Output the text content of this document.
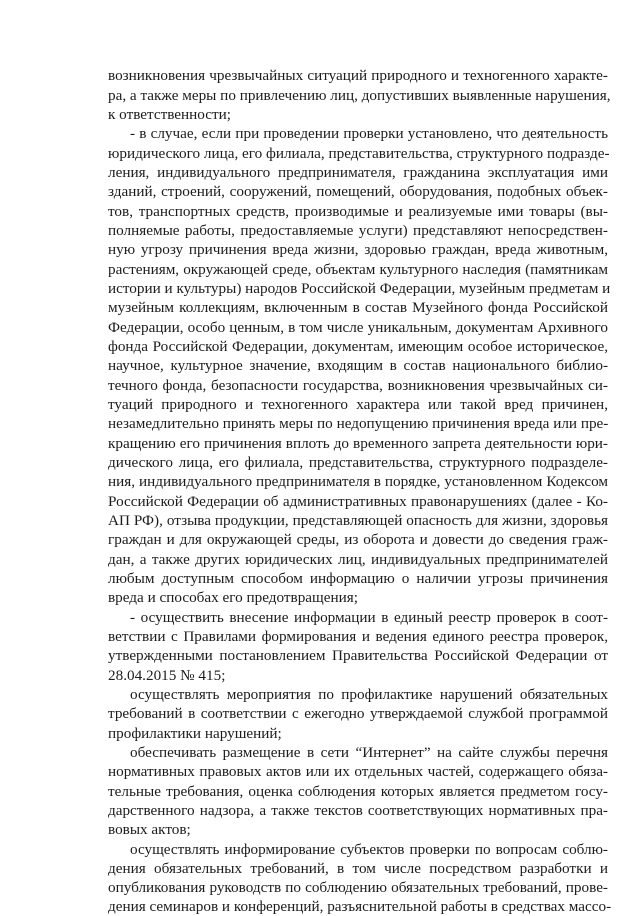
возникновения чрезвычайных ситуаций природного и техногенного характе-

ра, а также меры по привлечению лиц, допустивших выявленные нарушения,

к ответственности;

- в случае, если при проведении проверки установлено, что деятельность

юридического лица, его филиала, представительства, структурного подразде-

ления, индивидуального предпринимателя, гражданина эксплуатация ими

зданий, строений, сооружений, помещений, оборудования, подобных объек-

тов, транспортных средств, производимые и реализуемые ими товары (вы-

полняемые работы, предоставляемые услуги) представляют непосредствен-

ную угрозу причинения вреда жизни, здоровью граждан, вреда животным,

растениям, окружающей среде, объектам культурного наследия (памятникам

истории и культуры) народов Российской Федерации, музейным предметам и

музейным коллекциям, включенным в состав Музейного фонда Российской

Федерации, особо ценным, в том числе уникальным, документам Архивного

фонда Российской Федерации, документам, имеющим особое историческое,

научное, культурное значение, входящим в состав национального библио-

течного фонда, безопасности государства, возникновения чрезвычайных си-

туаций природного и техногенного характера или такой вред причинен,

незамедлительно принять меры по недопущению причинения вреда или пре-

кращению его причинения вплоть до временного запрета деятельности юри-

дического лица, его филиала, представительства, структурного подразделе-

ния, индивидуального предпринимателя в порядке, установленном Кодексом

Российской Федерации об административных правонарушениях (далее - Ко-

АП РФ), отзыва продукции, представляющей опасность для жизни, здоровья

граждан и для окружающей среды, из оборота и довести до сведения граж-

дан, а также других юридических лиц, индивидуальных предпринимателей

любым доступным способом информацию о наличии угрозы причинения

вреда и способах его предотвращения;

- осуществить внесение информации в единый реестр проверок в соот-

ветствии с Правилами формирования и ведения единого реестра проверок,

утвержденными постановлением Правительства Российской Федерации от

28.04.2015 № 415;

осуществлять мероприятия по профилактике нарушений обязательных

требований в соответствии с ежегодно утверждаемой службой программой

профилактики нарушений;

обеспечивать размещение в сети “Интернет” на сайте службы перечня

нормативных правовых актов или их отдельных частей, содержащего обяза-

тельные требования, оценка соблюдения которых является предметом госу-

дарственного надзора, а также текстов соответствующих нормативных пра-

вовых актов;

осуществлять информирование субъектов проверки по вопросам соблю-

дения обязательных требований, в том числе посредством разработки и

опубликования руководств по соблюдению обязательных требований, прове-

дения семинаров и конференций, разъяснительной работы в средствах массо-
